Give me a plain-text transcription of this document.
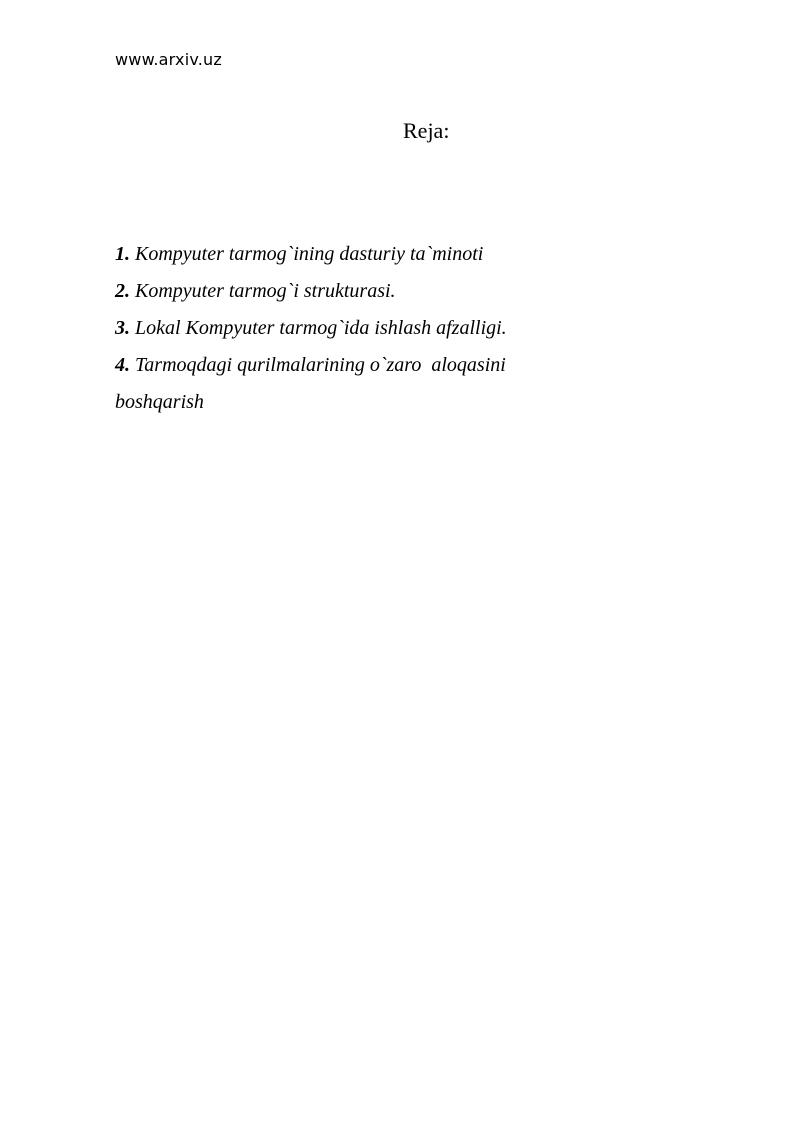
www.arxiv.uz
Reja:
1. Kompyuter tarmog`ining dasturiy ta`minoti
2. Kompyuter tarmog`i strukturasi.
3. Lokal Kompyuter tarmog`ida ishlash afzalligi.
4. Tarmoqdagi qurilmalarining o`zaro  aloqasini boshqarish
